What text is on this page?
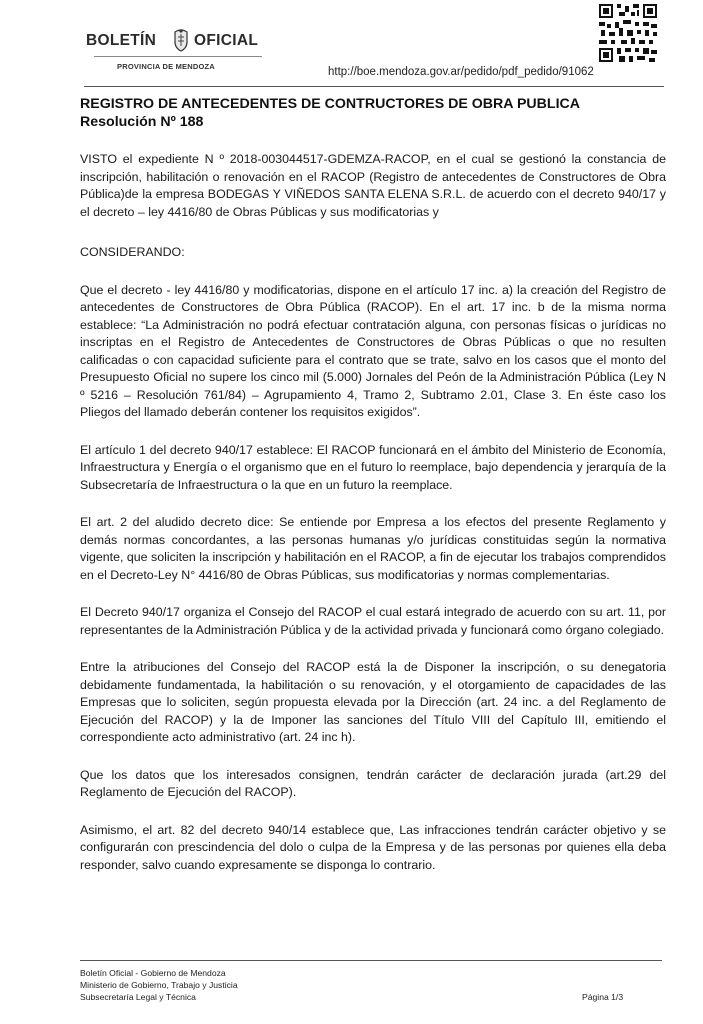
BOLETÍN OFICIAL
PROVINCIA DE MENDOZA	http://boe.mendoza.gov.ar/pedido/pdf_pedido/91062
REGISTRO DE ANTECEDENTES DE CONTRUCTORES DE OBRA PUBLICA
Resolución Nº 188

VISTO el expediente N º 2018-003044517-GDEMZA-RACOP, en el cual se gestionó la constancia de inscripción, habilitación o renovación en el RACOP (Registro de antecedentes de Constructores de Obra Pública)de la empresa BODEGAS Y VIÑEDOS SANTA ELENA S.R.L. de acuerdo con el decreto 940/17 y el decreto – ley 4416/80 de Obras Públicas y sus modificatorias y

CONSIDERANDO:

Que el decreto - ley 4416/80 y modificatorias, dispone en el artículo 17 inc. a) la creación del Registro de antecedentes de Constructores de Obra Pública (RACOP). En el art. 17 inc. b de la misma norma establece: “La Administración no podrá efectuar contratación alguna, con personas físicas o jurídicas no inscriptas en el Registro de Antecedentes de Constructores de Obras Públicas o que no resulten calificadas o con capacidad suficiente para el contrato que se trate, salvo en los casos que el monto del Presupuesto Oficial no supere los cinco mil (5.000) Jornales del Peón de la Administración Pública (Ley N º 5216 – Resolución 761/84) – Agrupamiento 4, Tramo 2, Subtramo 2.01, Clase 3. En éste caso los Pliegos del llamado deberán contener los requisitos exigidos”.

El artículo 1 del decreto 940/17 establece: El RACOP funcionará en el ámbito del Ministerio de Economía, Infraestructura y Energía o el organismo que en el futuro lo reemplace, bajo dependencia y jerarquía de la Subsecretaría de Infraestructura o la que en un futuro la reemplace.

El art. 2 del aludido decreto dice: Se entiende por Empresa a los efectos del presente Reglamento y demás normas concordantes, a las personas humanas y/o jurídicas constituidas según la normativa vigente, que soliciten la inscripción y habilitación en el RACOP, a fin de ejecutar los trabajos comprendidos en el Decreto-Ley N° 4416/80 de Obras Públicas, sus modificatorias y normas complementarias.

El Decreto 940/17 organiza el Consejo del RACOP el cual estará integrado de acuerdo con su art. 11, por representantes de la Administración Pública y de la actividad privada y funcionará como órgano colegiado.

Entre la atribuciones del Consejo del RACOP está la de Disponer la inscripción, o su denegatoria debidamente fundamentada, la habilitación o su renovación, y el otorgamiento de capacidades de las Empresas que lo soliciten, según propuesta elevada por la Dirección (art. 24 inc. a del Reglamento de Ejecución del RACOP) y la de Imponer las sanciones del Título VIII del Capítulo III, emitiendo el correspondiente acto administrativo (art. 24 inc h).

Que los datos que los interesados consignen, tendrán carácter de declaración jurada (art.29 del Reglamento de Ejecución del RACOP).

Asimismo, el art. 82 del decreto 940/14 establece que, Las infracciones tendrán carácter objetivo y se configurarán con prescindencia del dolo o culpa de la Empresa y de las personas por quienes ella deba responder, salvo cuando expresamente se disponga lo contrario.

Boletín Oficial - Gobierno de Mendoza
Ministerio de Gobierno, Trabajo y Justicia
Subsecretaría Legal y Técnica	Página 1/3
